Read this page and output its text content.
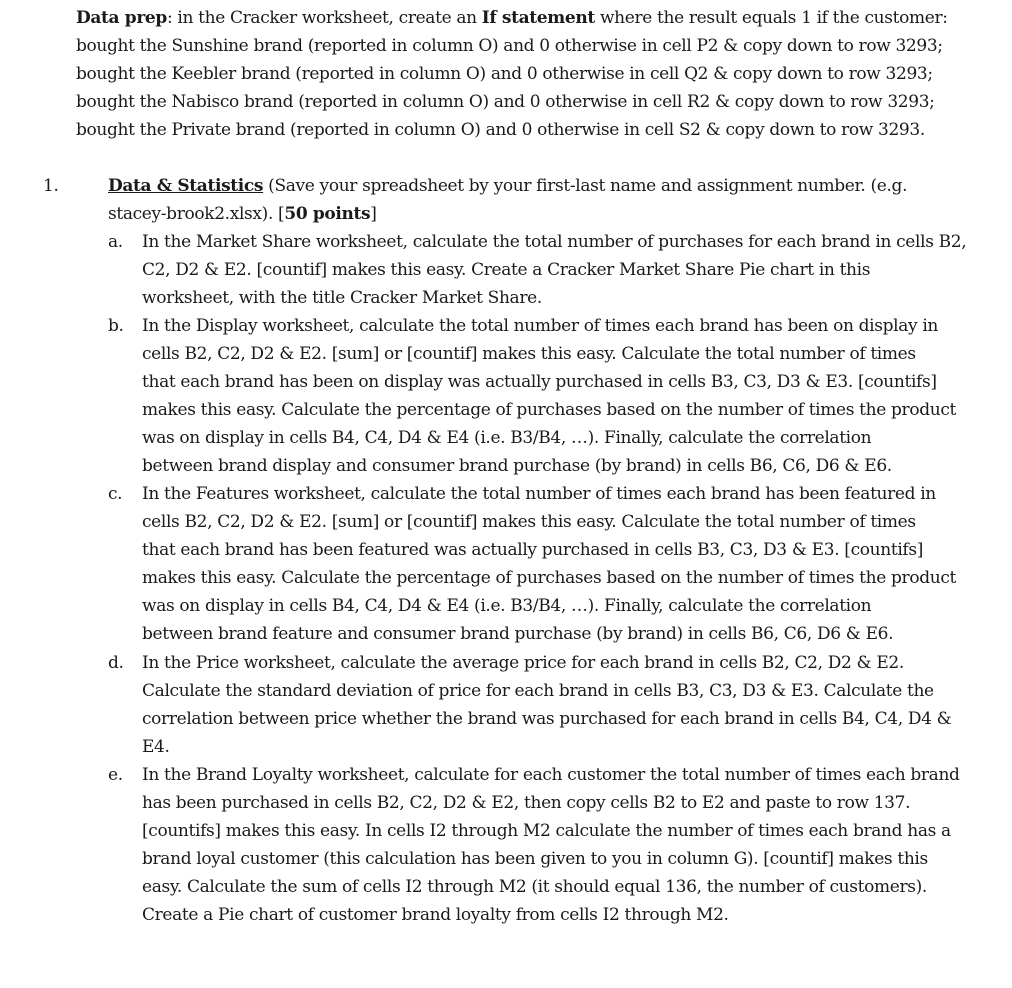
Data prep: in the Cracker worksheet, create an If statement where the result equals 1 if the customer:
bought the Sunshine brand (reported in column O) and 0 otherwise in cell P2 & copy down to row 3293;
bought the Keebler brand (reported in column O) and 0 otherwise in cell Q2 & copy down to row 3293;
bought the Nabisco brand (reported in column O) and 0 otherwise in cell R2 & copy down to row 3293;
bought the Private brand (reported in column O) and 0 otherwise in cell S2 & copy down to row 3293.
1.	Data & Statistics (Save your spreadsheet by your first-last name and assignment number. (e.g.
stacey-brook2.xlsx). [50 points]
a. In the Market Share worksheet, calculate the total number of purchases for each brand in cells B2,
C2, D2 & E2. [countif] makes this easy. Create a Cracker Market Share Pie chart in this
worksheet, with the title Cracker Market Share.
b. In the Display worksheet, calculate the total number of times each brand has been on display in
cells B2, C2, D2 & E2. [sum] or [countif] makes this easy. Calculate the total number of times
that each brand has been on display was actually purchased in cells B3, C3, D3 & E3. [countifs]
makes this easy. Calculate the percentage of purchases based on the number of times the product
was on display in cells B4, C4, D4 & E4 (i.e. B3/B4, …). Finally, calculate the correlation
between brand display and consumer brand purchase (by brand) in cells B6, C6, D6 & E6.
c. In the Features worksheet, calculate the total number of times each brand has been featured in
cells B2, C2, D2 & E2. [sum] or [countif] makes this easy. Calculate the total number of times
that each brand has been featured was actually purchased in cells B3, C3, D3 & E3. [countifs]
makes this easy. Calculate the percentage of purchases based on the number of times the product
was on display in cells B4, C4, D4 & E4 (i.e. B3/B4, …). Finally, calculate the correlation
between brand feature and consumer brand purchase (by brand) in cells B6, C6, D6 & E6.
d. In the Price worksheet, calculate the average price for each brand in cells B2, C2, D2 & E2.
Calculate the standard deviation of price for each brand in cells B3, C3, D3 & E3. Calculate the
correlation between price whether the brand was purchased for each brand in cells B4, C4, D4 &
E4.
e. In the Brand Loyalty worksheet, calculate for each customer the total number of times each brand
has been purchased in cells B2, C2, D2 & E2, then copy cells B2 to E2 and paste to row 137.
[countifs] makes this easy. In cells I2 through M2 calculate the number of times each brand has a
brand loyal customer (this calculation has been given to you in column G). [countif] makes this
easy. Calculate the sum of cells I2 through M2 (it should equal 136, the number of customers).
Create a Pie chart of customer brand loyalty from cells I2 through M2.
